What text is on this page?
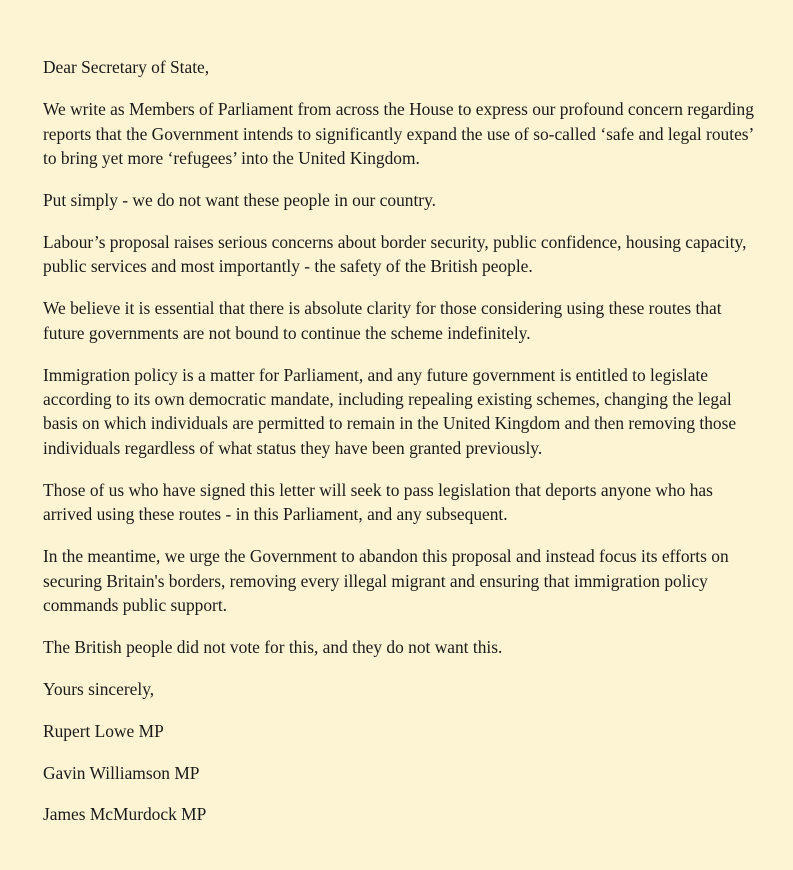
Dear Secretary of State,

We write as Members of Parliament from across the House to express our profound concern regarding reports that the Government intends to significantly expand the use of so-called ‘safe and legal routes’ to bring yet more ‘refugees’ into the United Kingdom.

Put simply - we do not want these people in our country.

Labour’s proposal raises serious concerns about border security, public confidence, housing capacity, public services and most importantly - the safety of the British people.

We believe it is essential that there is absolute clarity for those considering using these routes that future governments are not bound to continue the scheme indefinitely.

Immigration policy is a matter for Parliament, and any future government is entitled to legislate according to its own democratic mandate, including repealing existing schemes, changing the legal basis on which individuals are permitted to remain in the United Kingdom and then removing those individuals regardless of what status they have been granted previously.

Those of us who have signed this letter will seek to pass legislation that deports anyone who has arrived using these routes - in this Parliament, and any subsequent.

In the meantime, we urge the Government to abandon this proposal and instead focus its efforts on securing Britain's borders, removing every illegal migrant and ensuring that immigration policy commands public support.

The British people did not vote for this, and they do not want this.

Yours sincerely,

Rupert Lowe MP

Gavin Williamson MP

James McMurdock MP
